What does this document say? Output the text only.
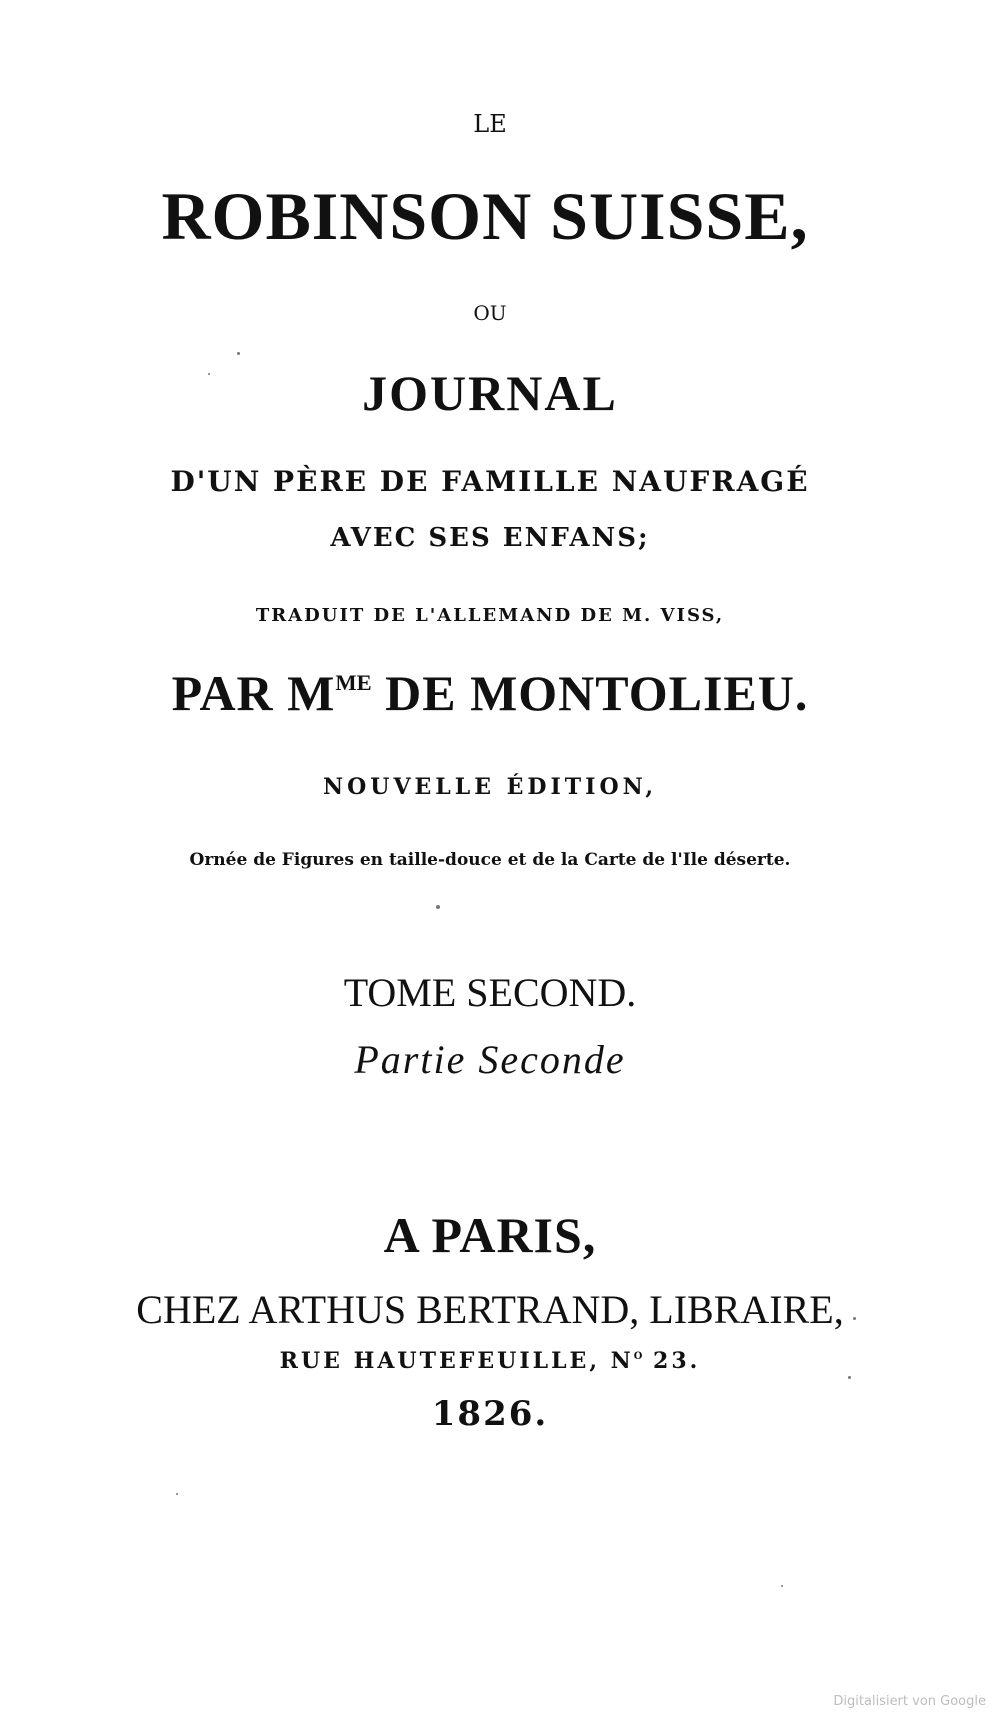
LE
ROBINSON SUISSE,
OU
JOURNAL
D'UN PÈRE DE FAMILLE NAUFRAGÉ
AVEC SES ENFANS;
TRADUIT DE L'ALLEMAND DE M. VISS,
PAR $M^{ME}$ DE MONTOLIEU.
NOUVELLE ÉDITION,
Ornée de Figures en taille-douce et de la Carte de l'Ile déserte.
TOME SECOND.
Partie Seconde
A PARIS,
CHEZ ARTHUS BERTRAND, LIBRAIRE,
RUE HAUTEFEUILLE, $N^O$ 23.
1826.
Digitalisiert von Google
